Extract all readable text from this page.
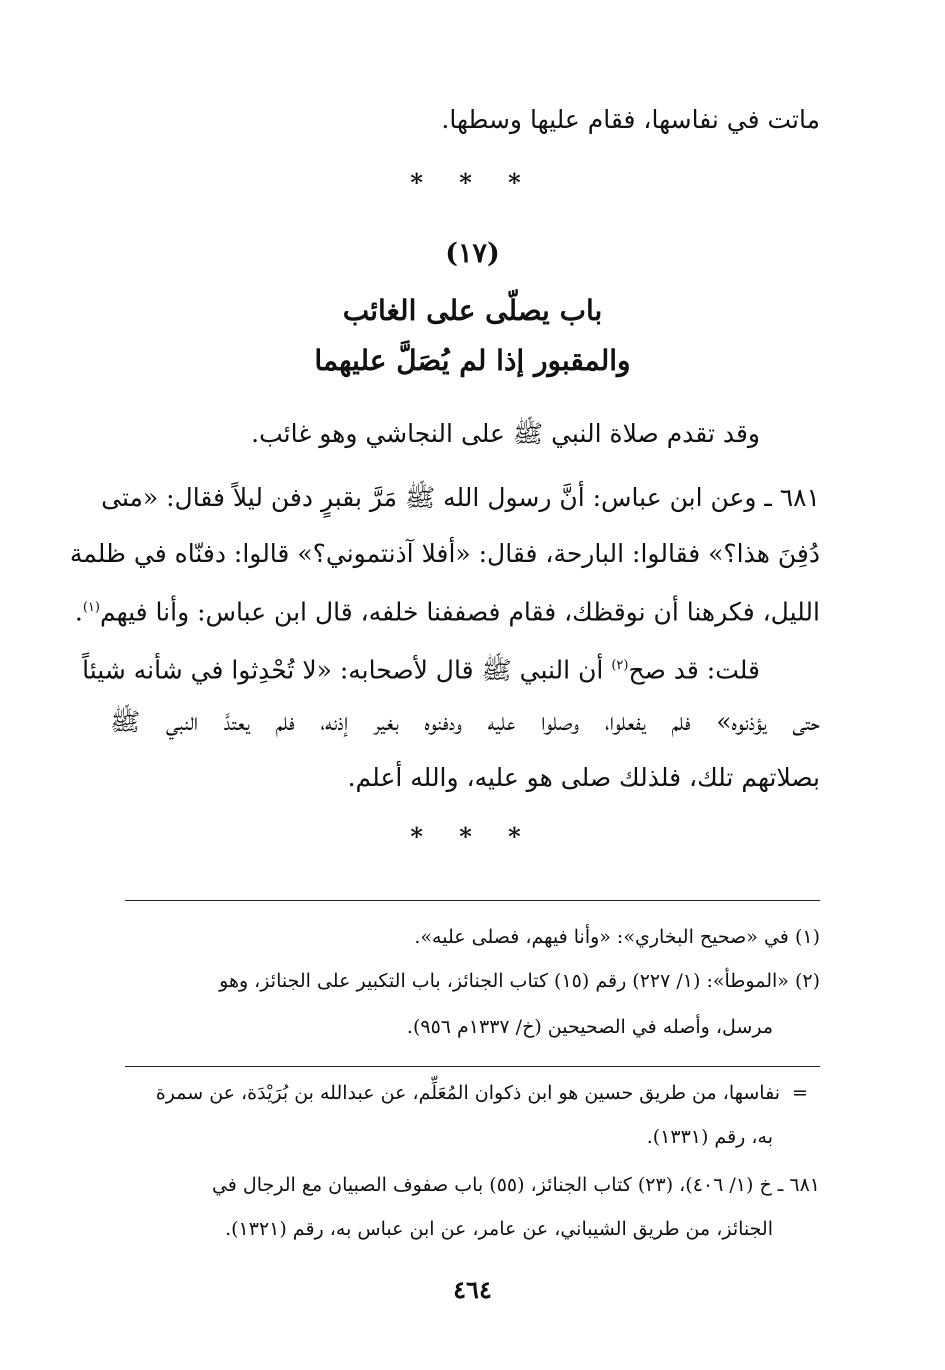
ماتت في نفاسها، فقام عليها وسطها.
* * *
(١٧)
باب يصلّى على الغائب
والمقبور إذا لم يُصَلَّ عليهما
وقد تقدم صلاة النبي ﷺ على النجاشي وهو غائب.
٦٨١ ـ وعن ابن عباس: أنَّ رسول الله ﷺ مَرَّ بقبرٍ دفن ليلاً فقال: «متى
دُفِنَ هذا؟» فقالوا: البارحة، فقال: «أفلا آذنتموني؟» قالوا: دفنّاه في ظلمة
الليل، فكرهنا أن نوقظك، فقام فصففنا خلفه، قال ابن عباس: وأنا فيهم$^{(١)}$.
قلت: قد صح$^{(٢)}$ أن النبي ﷺ قال لأصحابه: «لا تُحْدِثوا في شأنه شيئاً
حتى يؤذنوه» فلم يفعلوا، وصلوا عليه ودفنوه بغير إذنه، فلم يعتدَّ النبي ﷺ
بصلاتهم تلك، فلذلك صلى هو عليه، والله أعلم.
* * *
(١) في «صحيح البخاري»: «وأنا فيهم، فصلى عليه».
(٢) «الموطأ»: (١/ ٢٢٧) رقم (١٥) كتاب الجنائز، باب التكبير على الجنائز، وهو
مرسل، وأصله في الصحيحين (خ/ ١٣٣٧م ٩٥٦).
=نفاسها، من طريق حسين هو ابن ذكوان المُعَلِّم، عن عبدالله بن بُرَيْدَة، عن سمرة
به، رقم (١٣٣١).
٦٨١ ـ خ (١/ ٤٠٦)، (٢٣) كتاب الجنائز، (٥٥) باب صفوف الصبيان مع الرجال في
الجنائز، من طريق الشيباني، عن عامر، عن ابن عباس به، رقم (١٣٢١).
٤٦٤
